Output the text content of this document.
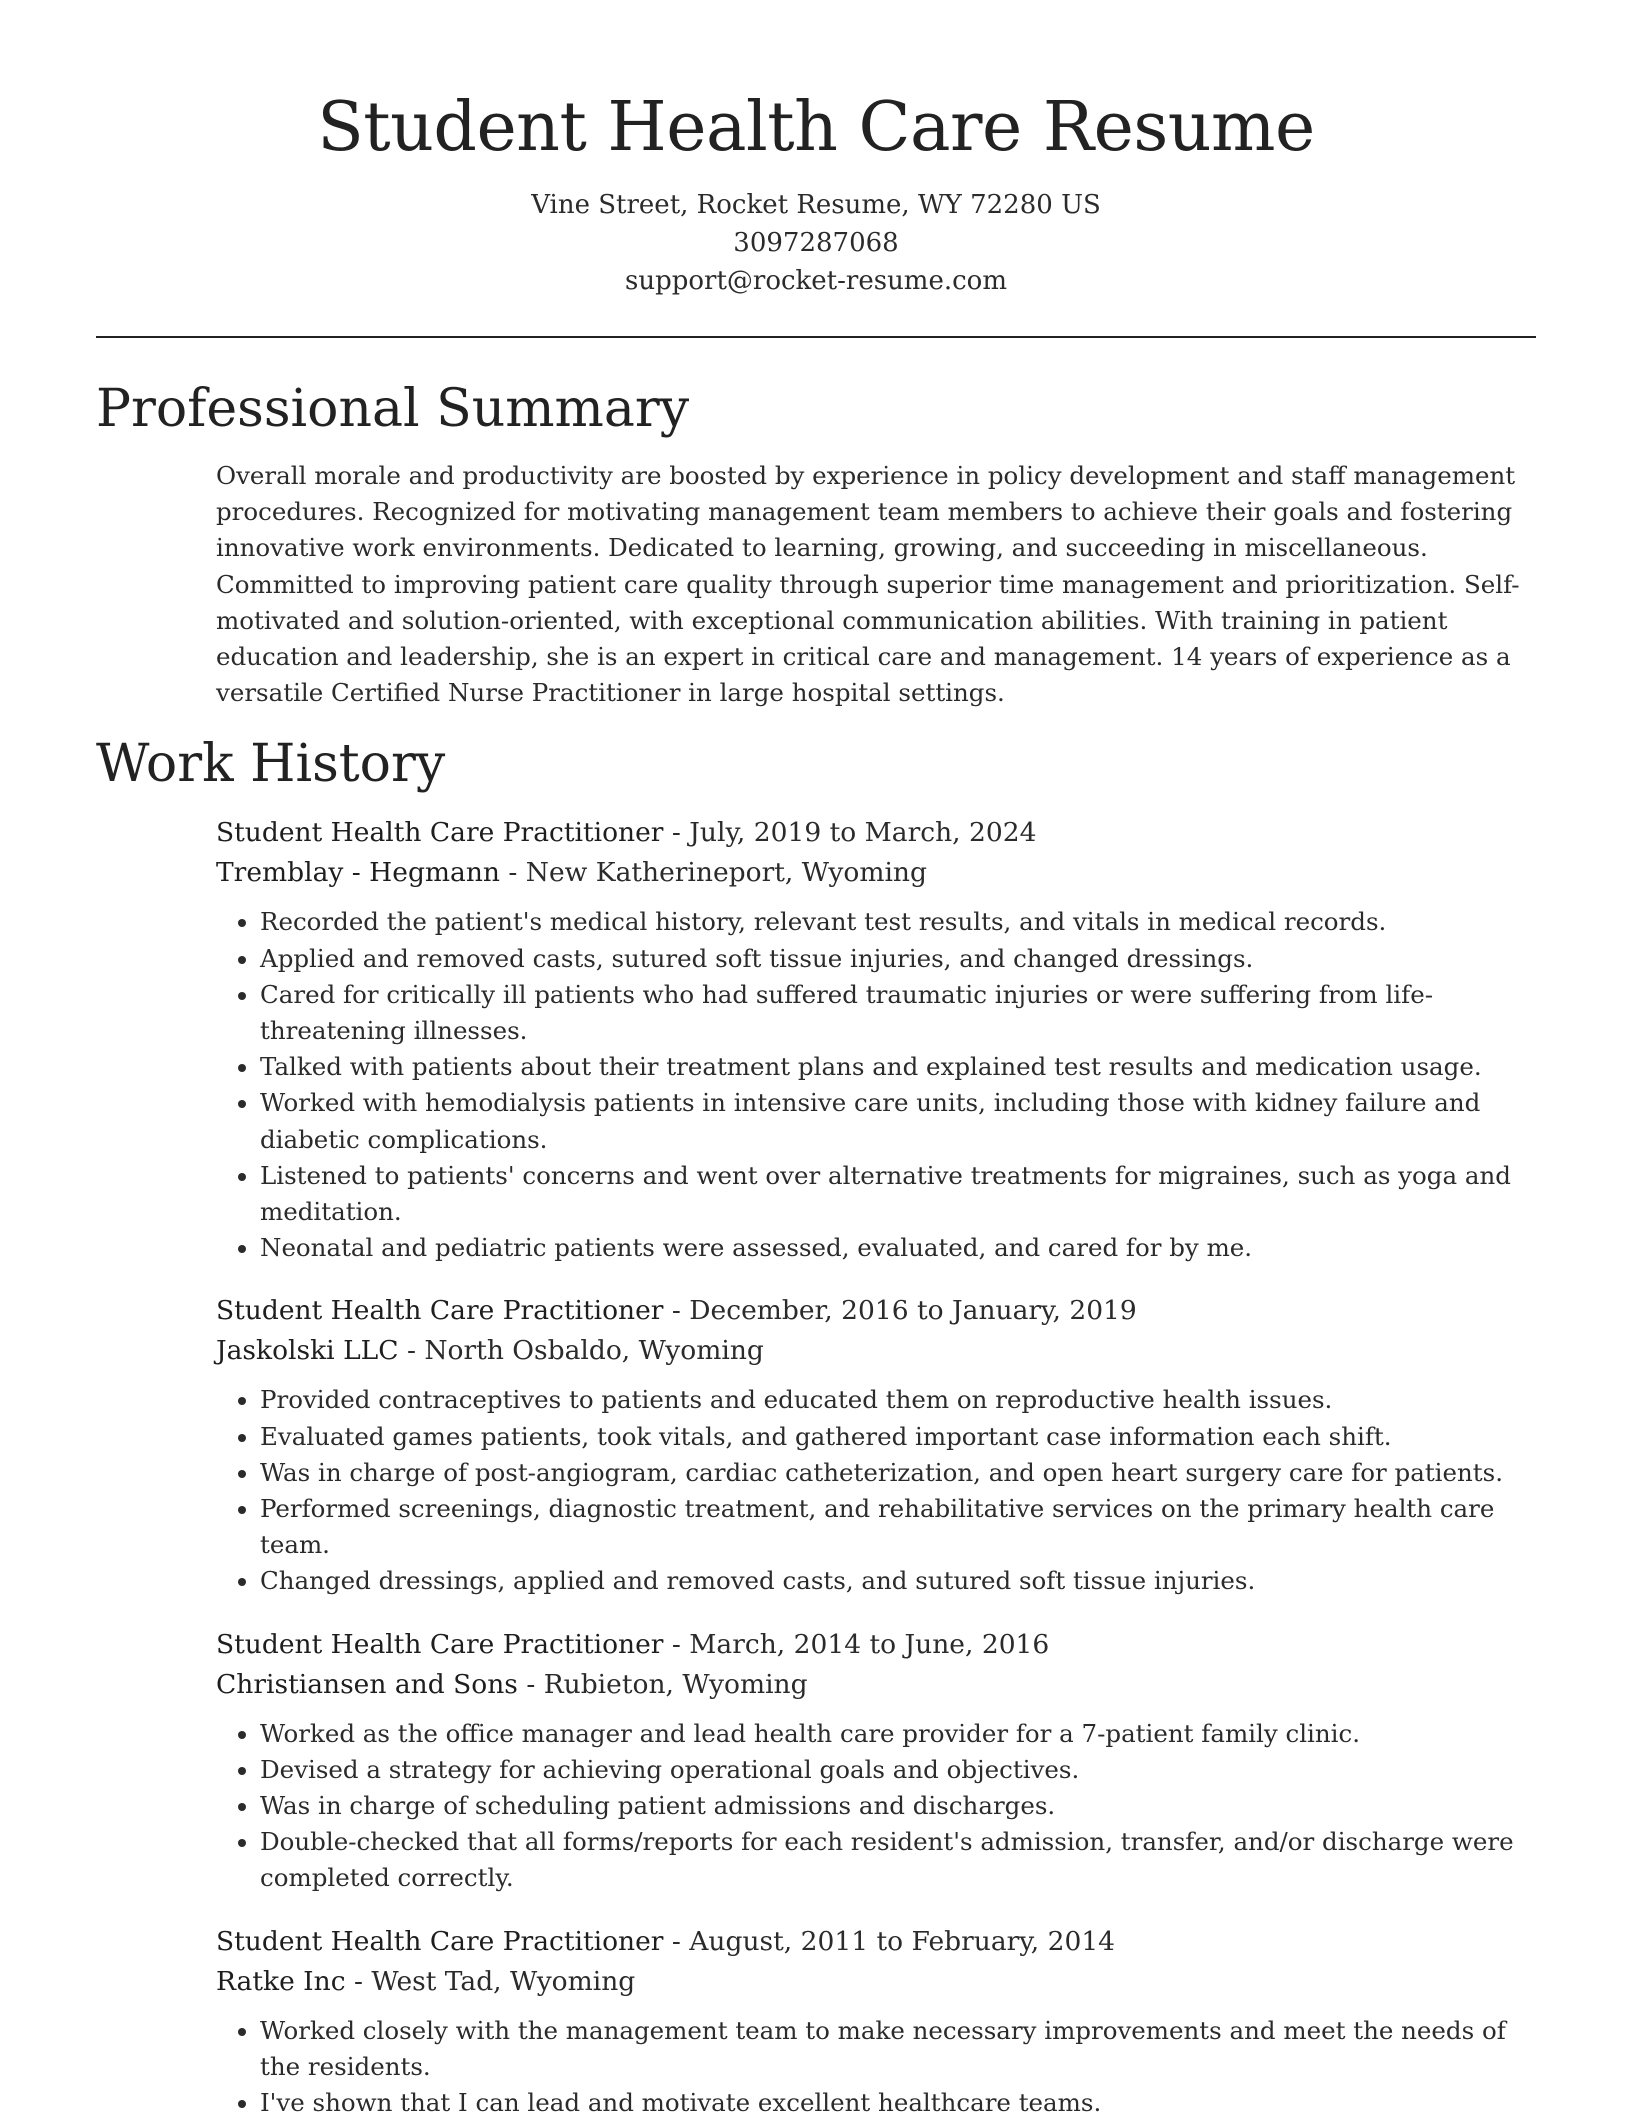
Student Health Care Resume
Vine Street, Rocket Resume, WY 72280 US
3097287068
support@rocket-resume.com
Professional Summary

Overall morale and productivity are boosted by experience in policy development and staff management procedures. Recognized for motivating management team members to achieve their goals and fostering innovative work environments. Dedicated to learning, growing, and succeeding in miscellaneous. Committed to improving patient care quality through superior time management and prioritization. Self-motivated and solution-oriented, with exceptional communication abilities. With training in patient education and leadership, she is an expert in critical care and management. 14 years of experience as a versatile Certified Nurse Practitioner in large hospital settings.

Work History
Student Health Care Practitioner - July, 2019 to March, 2024
Tremblay - Hegmann - New Katherineport, Wyoming
• Recorded the patient's medical history, relevant test results, and vitals in medical records.
• Applied and removed casts, sutured soft tissue injuries, and changed dressings.
• Cared for critically ill patients who had suffered traumatic injuries or were suffering from life-threatening illnesses.
• Talked with patients about their treatment plans and explained test results and medication usage.
• Worked with hemodialysis patients in intensive care units, including those with kidney failure and diabetic complications.
• Listened to patients' concerns and went over alternative treatments for migraines, such as yoga and meditation.
• Neonatal and pediatric patients were assessed, evaluated, and cared for by me.
Student Health Care Practitioner - December, 2016 to January, 2019
Jaskolski LLC - North Osbaldo, Wyoming
• Provided contraceptives to patients and educated them on reproductive health issues.
• Evaluated games patients, took vitals, and gathered important case information each shift.
• Was in charge of post-angiogram, cardiac catheterization, and open heart surgery care for patients.
• Performed screenings, diagnostic treatment, and rehabilitative services on the primary health care team.
• Changed dressings, applied and removed casts, and sutured soft tissue injuries.
Student Health Care Practitioner - March, 2014 to June, 2016
Christiansen and Sons - Rubieton, Wyoming
• Worked as the office manager and lead health care provider for a 7-patient family clinic.
• Devised a strategy for achieving operational goals and objectives.
• Was in charge of scheduling patient admissions and discharges.
• Double-checked that all forms/reports for each resident's admission, transfer, and/or discharge were completed correctly.
Student Health Care Practitioner - August, 2011 to February, 2014
Ratke Inc - West Tad, Wyoming
• Worked closely with the management team to make necessary improvements and meet the needs of the residents.
• I've shown that I can lead and motivate excellent healthcare teams.
